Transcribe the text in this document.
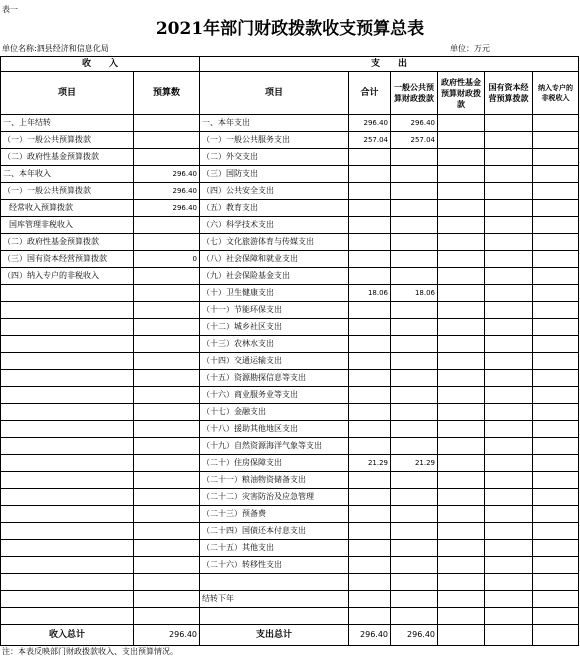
表一
2021年部门财政拨款收支预算总表
单位名称:泗县经济和信息化局	单位：万元
收　　入		支　　出					
项目	预算数	项目	合计	一般公共预算财政拨款	政府性基金预算财政拨款	国有资本经营预算拨款	纳入专户的非税收入
一、上年结转		一、本年支出	296.40	296.40			
（一）一般公共预算拨款		（一）一般公共服务支出	257.04	257.04			
（二）政府性基金预算拨款		（二）外交支出					
二、本年收入	296.40	（三）国防支出					
（一）一般公共预算拨款	296.40	（四）公共安全支出					
经常收入预算拨款	296.40	（五）教育支出					
国库管理非税收入		（六）科学技术支出					
（二）政府性基金预算拨款		（七）文化旅游体育与传媒支出					
（三）国有资本经营预算拨款	0	（八）社会保障和就业支出					
（四）纳入专户的非税收入		（九）社会保险基金支出					
		（十）卫生健康支出	18.06	18.06			
		（十一）节能环保支出					
		（十二）城乡社区支出					
		（十三）农林水支出					
		（十四）交通运输支出					
		（十五）资源勘探信息等支出					
		（十六）商业服务业等支出					
		（十七）金融支出					
		（十八）援助其他地区支出					
		（十九）自然资源海洋气象等支出					
		（二十）住房保障支出	21.29	21.29			
		（二十一）粮油物资储备支出					
		（二十二）灾害防治及应急管理					
		（二十三）预备费					
		（二十四）国债还本付息支出					
		（二十五）其他支出					
		（二十六）转移性支出					

		结转下年					

收入总计	296.40	支出总计	296.40	296.40			
注：本表反映部门财政拨款收入、支出预算情况。
